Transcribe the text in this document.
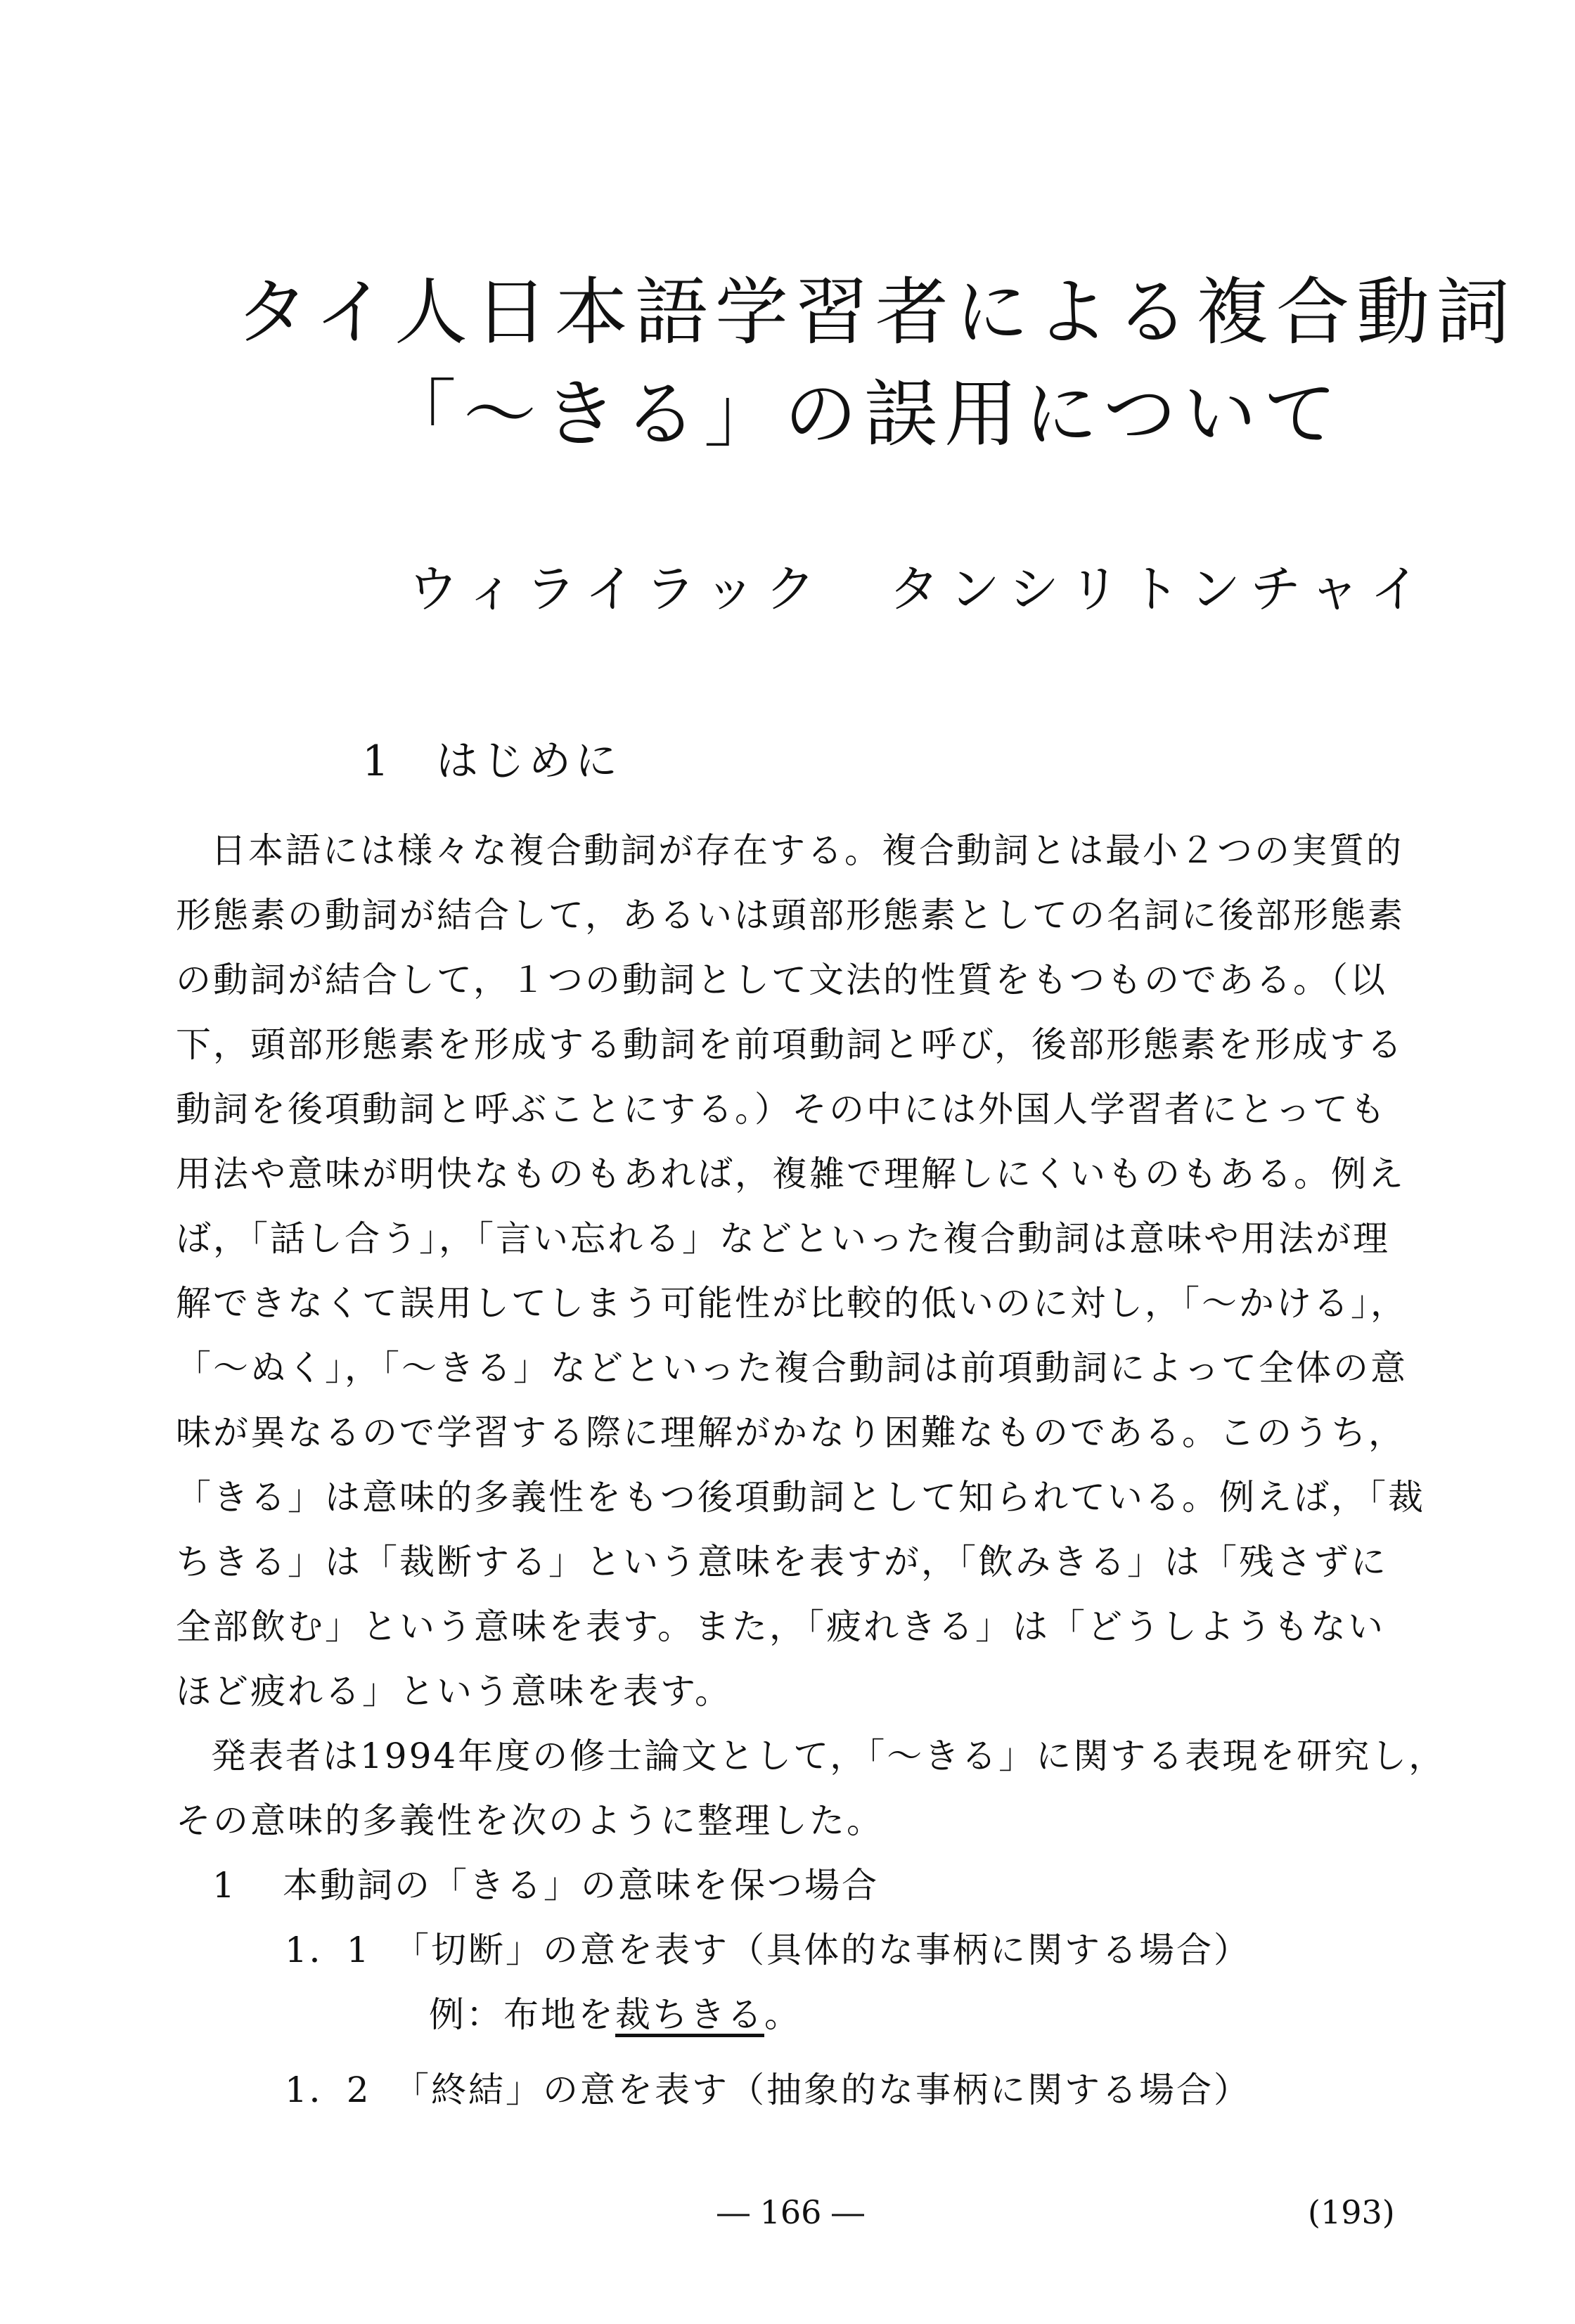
タイ人日本語学習者による複合動詞
「～きる」の誤用について
ウィライラック タンシリトンチャイ
1 はじめに
日本語には様々な複合動詞が存在する。複合動詞とは最小２つの実質的
形態素の動詞が結合して，あるいは頭部形態素としての名詞に後部形態素
の動詞が結合して，１つの動詞として文法的性質をもつものである。（以
下，頭部形態素を形成する動詞を前項動詞と呼び，後部形態素を形成する
動詞を後項動詞と呼ぶことにする。）その中には外国人学習者にとっても
用法や意味が明快なものもあれば，複雑で理解しにくいものもある。例え
ば，「話し合う」，「言い忘れる」などといった複合動詞は意味や用法が理
解できなくて誤用してしまう可能性が比較的低いのに対し，「～かける」，
「～ぬく」，「～きる」などといった複合動詞は前項動詞によって全体の意
味が異なるので学習する際に理解がかなり困難なものである。このうち，
「きる」は意味的多義性をもつ後項動詞として知られている。例えば，「裁
ちきる」は「裁断する」という意味を表すが，「飲みきる」は「残さずに
全部飲む」という意味を表す。また，「疲れきる」は「どうしようもない
ほど疲れる」という意味を表す。
発表者は1994年度の修士論文として，「～きる」に関する表現を研究し，
その意味的多義性を次のように整理した。
1 本動詞の「きる」の意味を保つ場合
1．1 「切断」の意を表す（具体的な事柄に関する場合）
例：布地を裁ちきる。
― 166 ―	(193)
1．2 「終結」の意を表す（抽象的な事柄に関する場合）
